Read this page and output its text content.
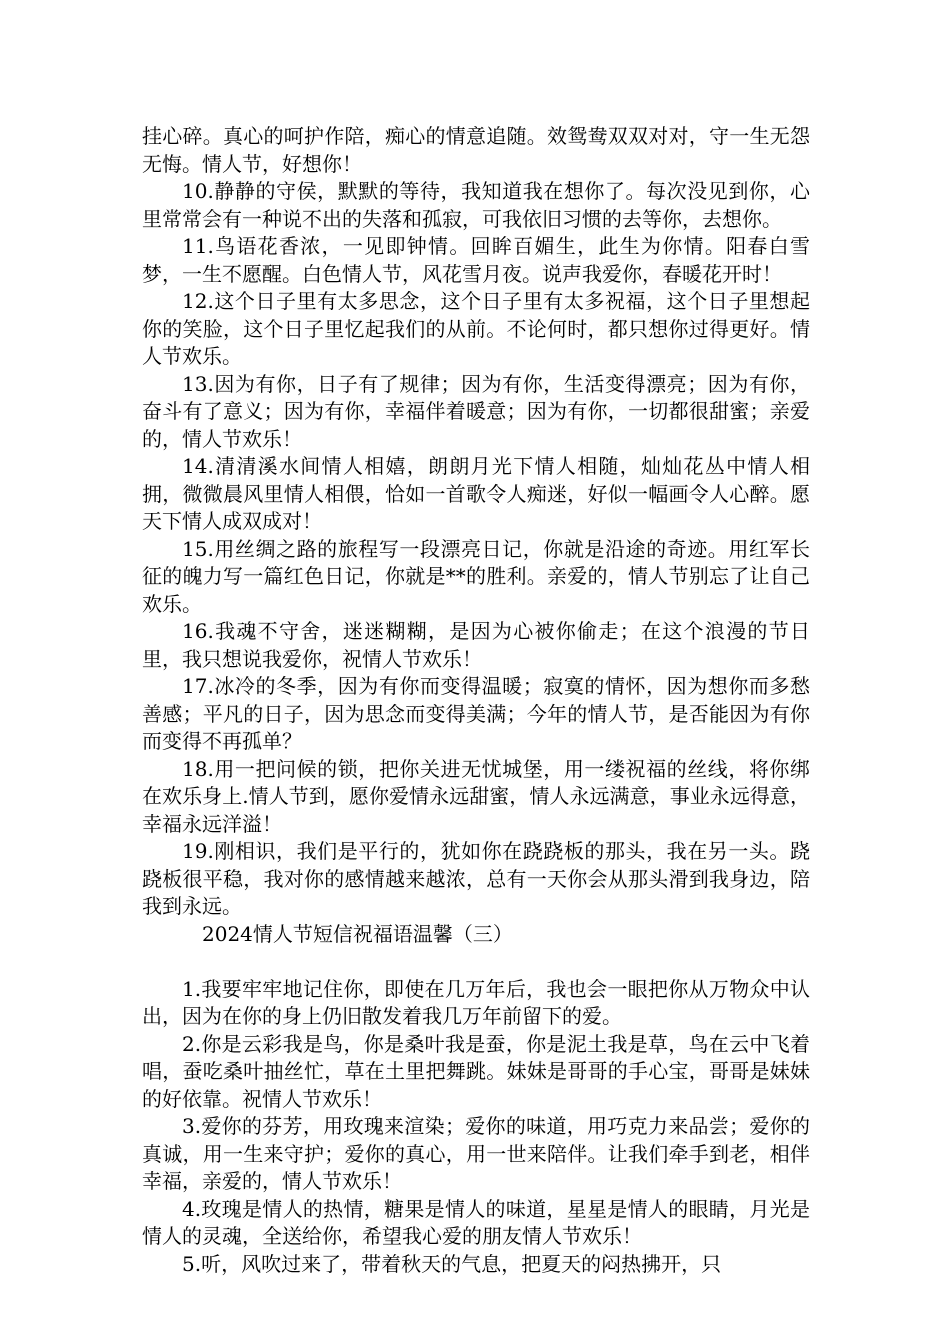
挂心碎。真心的呵护作陪，痴心的情意追随。效鸳鸯双双对对，守一生无怨无悔。情人节，好想你！

10.静静的守侯，默默的等待，我知道我在想你了。每次没见到你，心里常常会有一种说不出的失落和孤寂，可我依旧习惯的去等你，去想你。

11.鸟语花香浓，一见即钟情。回眸百媚生，此生为你情。阳春白雪梦，一生不愿醒。白色情人节，风花雪月夜。说声我爱你，春暖花开时！

12.这个日子里有太多思念，这个日子里有太多祝福，这个日子里想起你的笑脸，这个日子里忆起我们的从前。不论何时，都只想你过得更好。情人节欢乐。

13.因为有你，日子有了规律；因为有你，生活变得漂亮；因为有你，奋斗有了意义；因为有你，幸福伴着暖意；因为有你，一切都很甜蜜；亲爱的，情人节欢乐！

14.清清溪水间情人相嬉，朗朗月光下情人相随，灿灿花丛中情人相拥，微微晨风里情人相偎，恰如一首歌令人痴迷，好似一幅画令人心醉。愿天下情人成双成对！

15.用丝绸之路的旅程写一段漂亮日记，你就是沿途的奇迹。用红军长征的魄力写一篇红色日记，你就是**的胜利。亲爱的，情人节别忘了让自己欢乐。

16.我魂不守舍，迷迷糊糊，是因为心被你偷走；在这个浪漫的节日里，我只想说我爱你，祝情人节欢乐！

17.冰冷的冬季，因为有你而变得温暖；寂寞的情怀，因为想你而多愁善感；平凡的日子，因为思念而变得美满；今年的情人节，是否能因为有你而变得不再孤单？

18.用一把问候的锁，把你关进无忧城堡，用一缕祝福的丝线，将你绑在欢乐身上.情人节到，愿你爱情永远甜蜜，情人永远满意，事业永远得意，幸福永远洋溢！

19.刚相识，我们是平行的，犹如你在跷跷板的那头，我在另一头。跷跷板很平稳，我对你的感情越来越浓，总有一天你会从那头滑到我身边，陪我到永远。

2024情人节短信祝福语温馨（三）

1.我要牢牢地记住你，即使在几万年后，我也会一眼把你从万物众中认出，因为在你的身上仍旧散发着我几万年前留下的爱。

2.你是云彩我是鸟，你是桑叶我是蚕，你是泥土我是草，鸟在云中飞着唱，蚕吃桑叶抽丝忙，草在土里把舞跳。妹妹是哥哥的手心宝，哥哥是妹妹的好依靠。祝情人节欢乐！

3.爱你的芬芳，用玫瑰来渲染；爱你的味道，用巧克力来品尝；爱你的真诚，用一生来守护；爱你的真心，用一世来陪伴。让我们牵手到老，相伴幸福，亲爱的，情人节欢乐！

4.玫瑰是情人的热情，糖果是情人的味道，星星是情人的眼睛，月光是情人的灵魂，全送给你，希望我心爱的朋友情人节欢乐！

5.听，风吹过来了，带着秋天的气息，把夏天的闷热拂开，只
